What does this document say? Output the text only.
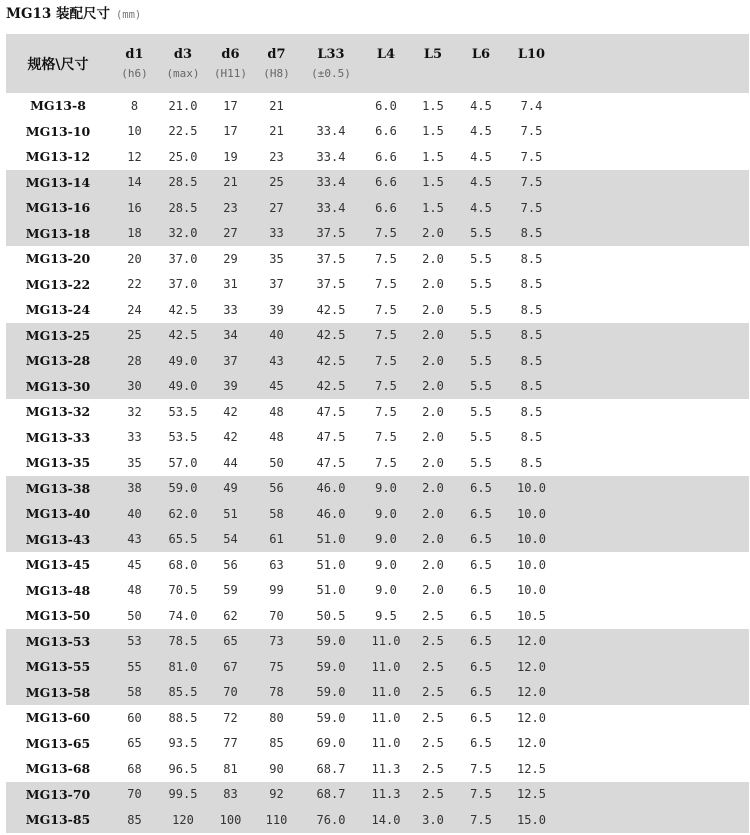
MG13 装配尺寸 (mm)
规格\尺寸	d1	d3	d6	d7	L33	L4	L5	L6	L10	
	(h6)	(max)	(H11)	(H8)	(±0.5)					
MG13-8	8	21.0	17	21		6.0	1.5	4.5	7.4	
MG13-10	10	22.5	17	21	33.4	6.6	1.5	4.5	7.5	
MG13-12	12	25.0	19	23	33.4	6.6	1.5	4.5	7.5	
MG13-14	14	28.5	21	25	33.4	6.6	1.5	4.5	7.5	
MG13-16	16	28.5	23	27	33.4	6.6	1.5	4.5	7.5	
MG13-18	18	32.0	27	33	37.5	7.5	2.0	5.5	8.5	
MG13-20	20	37.0	29	35	37.5	7.5	2.0	5.5	8.5	
MG13-22	22	37.0	31	37	37.5	7.5	2.0	5.5	8.5	
MG13-24	24	42.5	33	39	42.5	7.5	2.0	5.5	8.5	
MG13-25	25	42.5	34	40	42.5	7.5	2.0	5.5	8.5	
MG13-28	28	49.0	37	43	42.5	7.5	2.0	5.5	8.5	
MG13-30	30	49.0	39	45	42.5	7.5	2.0	5.5	8.5	
MG13-32	32	53.5	42	48	47.5	7.5	2.0	5.5	8.5	
MG13-33	33	53.5	42	48	47.5	7.5	2.0	5.5	8.5	
MG13-35	35	57.0	44	50	47.5	7.5	2.0	5.5	8.5	
MG13-38	38	59.0	49	56	46.0	9.0	2.0	6.5	10.0	
MG13-40	40	62.0	51	58	46.0	9.0	2.0	6.5	10.0	
MG13-43	43	65.5	54	61	51.0	9.0	2.0	6.5	10.0	
MG13-45	45	68.0	56	63	51.0	9.0	2.0	6.5	10.0	
MG13-48	48	70.5	59	99	51.0	9.0	2.0	6.5	10.0	
MG13-50	50	74.0	62	70	50.5	9.5	2.5	6.5	10.5	
MG13-53	53	78.5	65	73	59.0	11.0	2.5	6.5	12.0	
MG13-55	55	81.0	67	75	59.0	11.0	2.5	6.5	12.0	
MG13-58	58	85.5	70	78	59.0	11.0	2.5	6.5	12.0	
MG13-60	60	88.5	72	80	59.0	11.0	2.5	6.5	12.0	
MG13-65	65	93.5	77	85	69.0	11.0	2.5	6.5	12.0	
MG13-68	68	96.5	81	90	68.7	11.3	2.5	7.5	12.5	
MG13-70	70	99.5	83	92	68.7	11.3	2.5	7.5	12.5	
MG13-85	85	120	100	110	76.0	14.0	3.0	7.5	15.0	
